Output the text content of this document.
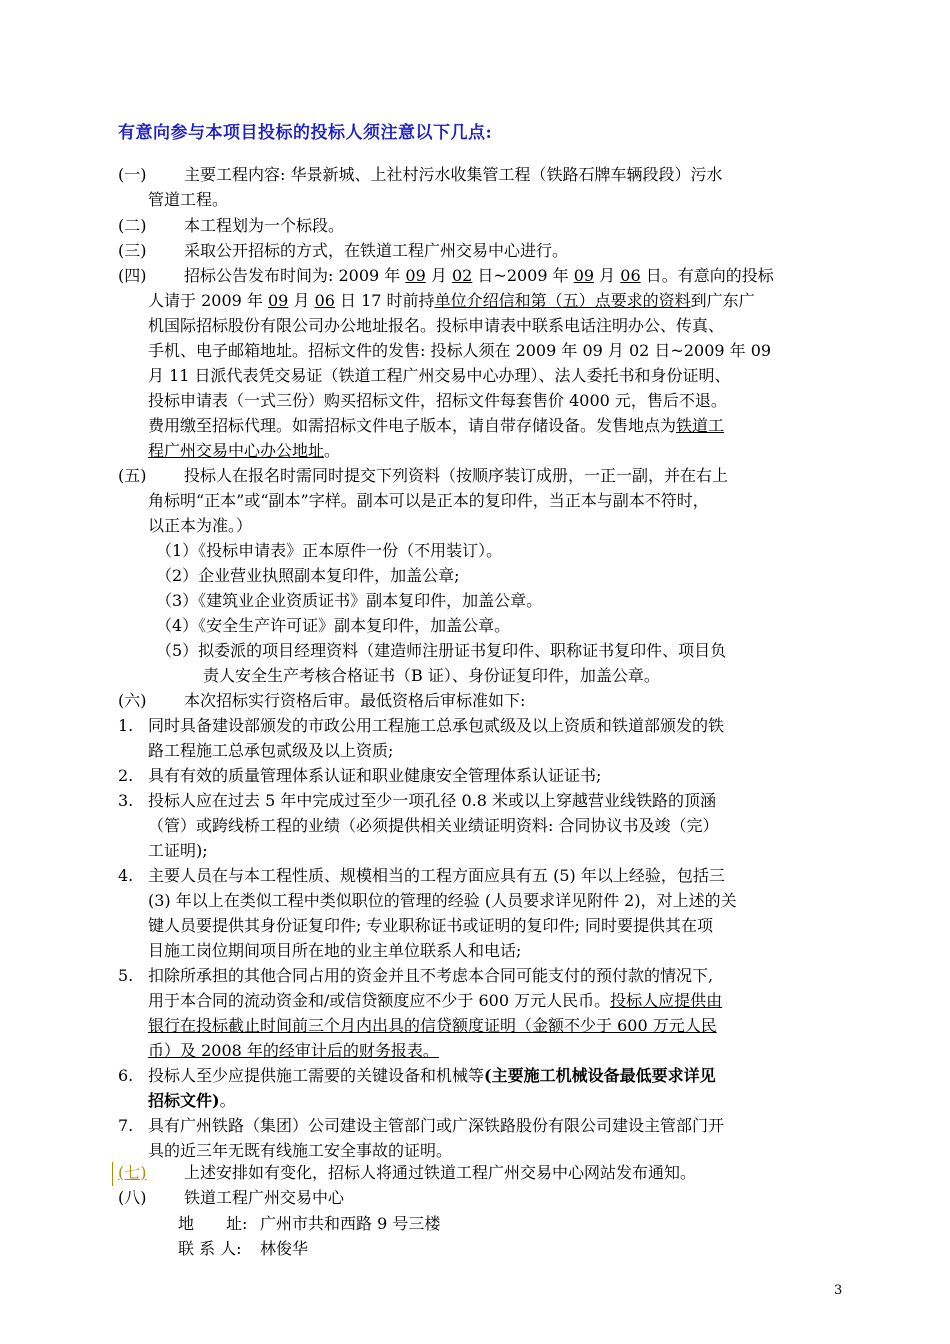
有意向参与本项目投标的投标人须注意以下几点:
(一) 主要工程内容: 华景新城、上社村污水收集管工程（铁路石牌车辆段段）污水
管道工程。
(二) 本工程划为一个标段。
(三) 采取公开招标的方式，在铁道工程广州交易中心进行。
(四) 招标公告发布时间为: 2009 年 09 月 02 日~2009 年 09 月 06 日。有意向的投标
人请于 2009 年 09 月 06 日 17 时前持单位介绍信和第（五）点要求的资料到广东广
机国际招标股份有限公司办公地址报名。投标申请表中联系电话注明办公、传真、
手机、电子邮箱地址。招标文件的发售: 投标人须在 2009 年 09 月 02 日~2009 年 09
月 11 日派代表凭交易证（铁道工程广州交易中心办理）、法人委托书和身份证明、
投标申请表（一式三份）购买招标文件，招标文件每套售价 4000 元，售后不退。
费用缴至招标代理。如需招标文件电子版本，请自带存储设备。发售地点为铁道工
程广州交易中心办公地址。
(五) 投标人在报名时需同时提交下列资料（按顺序装订成册，一正一副，并在右上
角标明“正本”或“副本”字样。副本可以是正本的复印件，当正本与副本不符时，
以正本为准。）
（1）《投标申请表》正本原件一份（不用装订）。
（2）企业营业执照副本复印件，加盖公章;
（3）《建筑业企业资质证书》副本复印件，加盖公章。
（4）《安全生产许可证》副本复印件，加盖公章。
（5）拟委派的项目经理资料（建造师注册证书复印件、职称证书复印件、项目负
责人安全生产考核合格证书（B 证）、身份证复印件，加盖公章。
(六) 本次招标实行资格后审。最低资格后审标准如下:
1. 同时具备建设部颁发的市政公用工程施工总承包贰级及以上资质和铁道部颁发的铁
路工程施工总承包贰级及以上资质;
2. 具有有效的质量管理体系认证和职业健康安全管理体系认证证书;
3. 投标人应在过去 5 年中完成过至少一项孔径 0.8 米或以上穿越营业线铁路的顶涵
（管）或跨线桥工程的业绩（必须提供相关业绩证明资料: 合同协议书及竣（完）
工证明);
4. 主要人员在与本工程性质、规模相当的工程方面应具有五 (5) 年以上经验，包括三
(3) 年以上在类似工程中类似职位的管理的经验 (人员要求详见附件 2)，对上述的关
键人员要提供其身份证复印件; 专业职称证书或证明的复印件; 同时要提供其在项
目施工岗位期间项目所在地的业主单位联系人和电话;
5. 扣除所承担的其他合同占用的资金并且不考虑本合同可能支付的预付款的情况下,
用于本合同的流动资金和/或信贷额度应不少于 600 万元人民币。投标人应提供由
银行在投标截止时间前三个月内出具的信贷额度证明（金额不少于 600 万元人民
币）及 2008 年的经审计后的财务报表。
6. 投标人至少应提供施工需要的关键设备和机械等(主要施工机械设备最低要求详见
招标文件)。
7. 具有广州铁路（集团）公司建设主管部门或广深铁路股份有限公司建设主管部门开
具的近三年无既有线施工安全事故的证明。
(七) 上述安排如有变化，招标人将通过铁道工程广州交易中心网站发布通知。
(八) 铁道工程广州交易中心
地　　址: 广州市共和西路 9 号三楼
联 系 人: 林俊华
3
